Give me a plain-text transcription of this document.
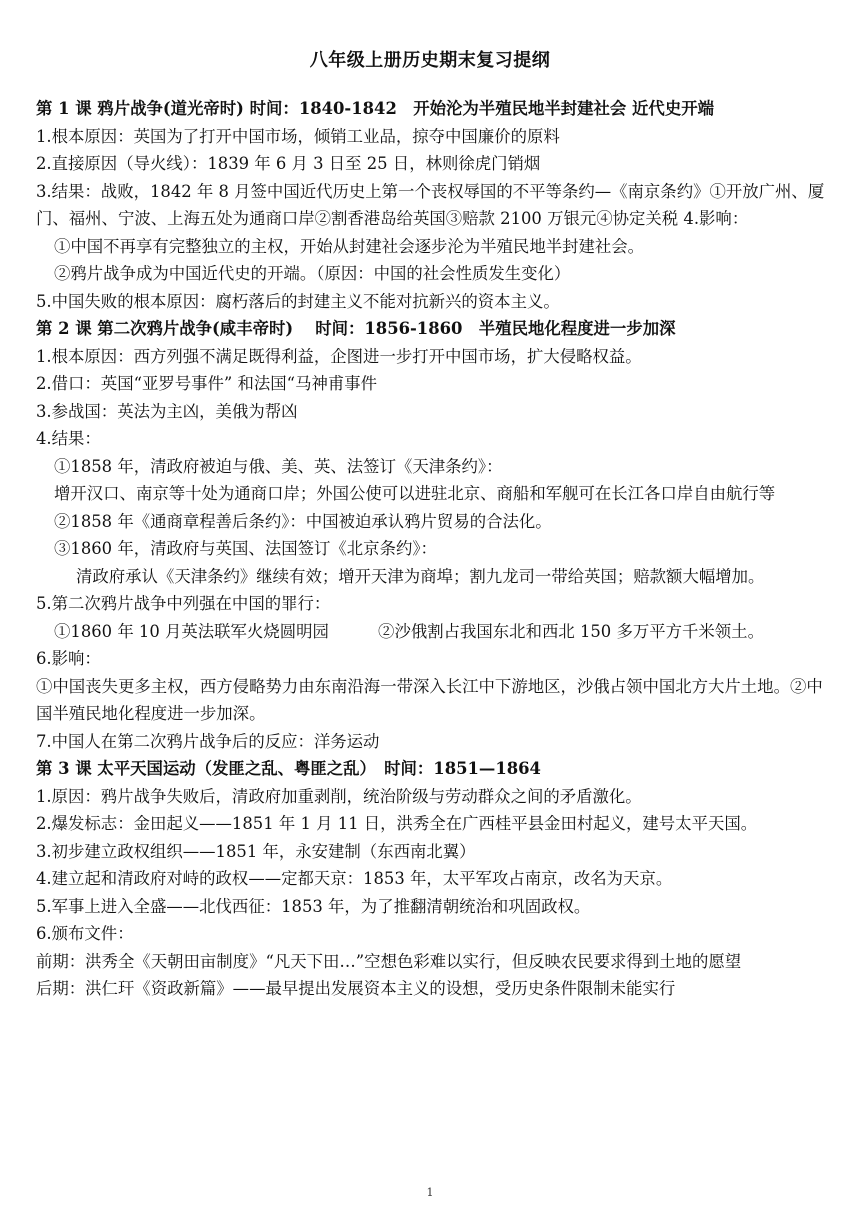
八年级上册历史期末复习提纲

第 1 课 鸦片战争(道光帝时) 时间：1840-1842　开始沦为半殖民地半封建社会 近代史开端

1.根本原因：英国为了打开中国市场，倾销工业品，掠夺中国廉价的原料

2.直接原因（导火线）：1839 年 6 月 3 日至 25 日，林则徐虎门销烟

3.结果：战败，1842 年 8 月签中国近代历史上第一个丧权辱国的不平等条约—《南京条约》①开放广州、厦门、福州、宁波、上海五处为通商口岸②割香港岛给英国③赔款 2100 万银元④协定关税 4.影响：

①中国不再享有完整独立的主权，开始从封建社会逐步沦为半殖民地半封建社会。

②鸦片战争成为中国近代史的开端。（原因：中国的社会性质发生变化）

5.中国失败的根本原因：腐朽落后的封建主义不能对抗新兴的资本主义。

第 2 课 第二次鸦片战争(咸丰帝时)　 时间：1856-1860　半殖民地化程度进一步加深

1.根本原因：西方列强不满足既得利益，企图进一步打开中国市场，扩大侵略权益。

2.借口：英国“亚罗号事件” 和法国“马神甫事件

3.参战国：英法为主凶，美俄为帮凶

4.结果：

①1858 年，清政府被迫与俄、美、英、法签订《天津条约》：

增开汉口、南京等十处为通商口岸；外国公使可以进驻北京、商船和军舰可在长江各口岸自由航行等

②1858 年《通商章程善后条约》：中国被迫承认鸦片贸易的合法化。

③1860 年，清政府与英国、法国签订《北京条约》：

清政府承认《天津条约》继续有效；增开天津为商埠；割九龙司一带给英国；赔款额大幅增加。

5.第二次鸦片战争中列强在中国的罪行：

①1860 年 10 月英法联军火烧圆明园　　　②沙俄割占我国东北和西北 150 多万平方千米领土。

6.影响：

①中国丧失更多主权，西方侵略势力由东南沿海一带深入长江中下游地区，沙俄占领中国北方大片土地。②中国半殖民地化程度进一步加深。

7.中国人在第二次鸦片战争后的反应：洋务运动

第 3 课 太平天国运动（发匪之乱、粤匪之乱）　时间：1851—1864

1.原因：鸦片战争失败后，清政府加重剥削，统治阶级与劳动群众之间的矛盾激化。

2.爆发标志：金田起义——1851 年 1 月 11 日，洪秀全在广西桂平县金田村起义，建号太平天国。

3.初步建立政权组织——1851 年，永安建制（东西南北翼）

4.建立起和清政府对峙的政权——定都天京：1853 年，太平军攻占南京，改名为天京。

5.军事上进入全盛——北伐西征：1853 年，为了推翻清朝统治和巩固政权。

6.颁布文件：

前期：洪秀全《天朝田亩制度》“凡天下田…”空想色彩难以实行，但反映农民要求得到土地的愿望

后期：洪仁玕《资政新篇》——最早提出发展资本主义的设想，受历史条件限制未能实行

1
